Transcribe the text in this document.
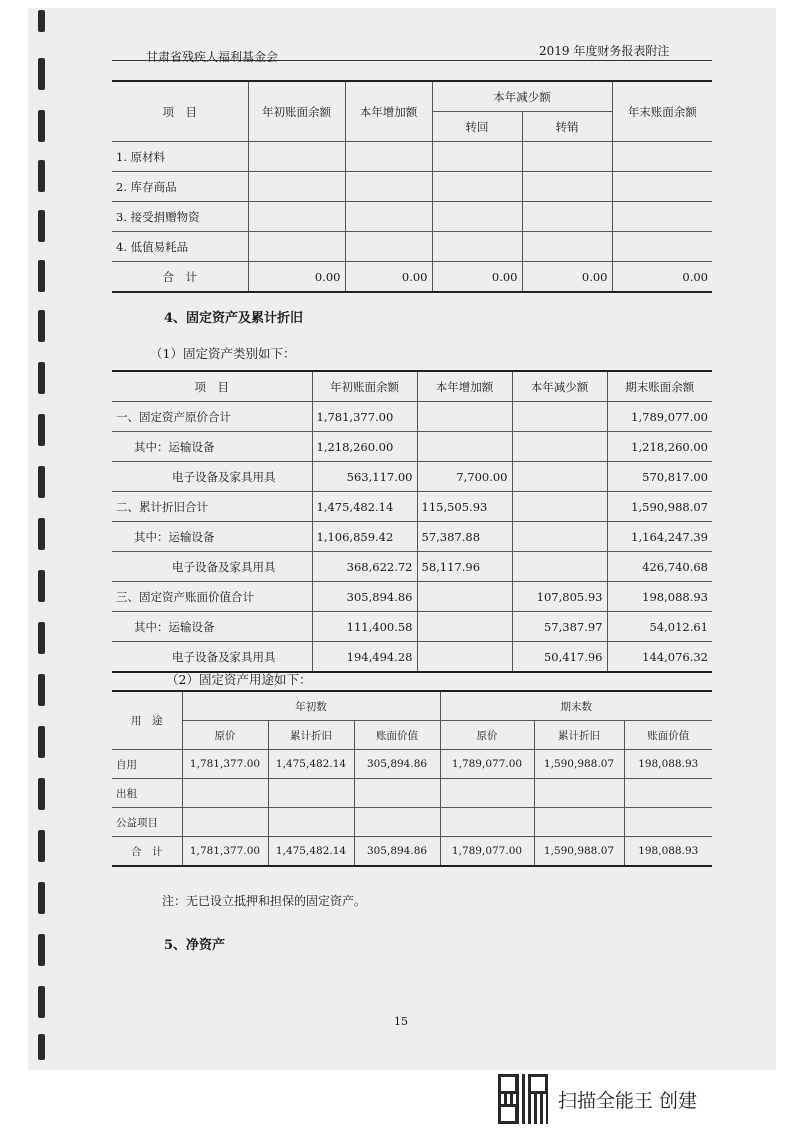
甘肃省残疾人福利基金会	2019 年度财务报表附注
项　目	年初账面余额	本年增加额	本年减少额		年末账面余额
			转回	转销	
1. 原材料					
2. 库存商品					
3. 接受捐赠物资					
4. 低值易耗品					
合　计	0.00	0.00	0.00	0.00	0.00
4、固定资产及累计折旧
（1）固定资产类别如下：
项　目	年初账面余额	本年增加额	本年减少额	期末账面余额
一、固定资产原价合计	1,781,377.00			1,789,077.00
其中：运输设备	1,218,260.00			1,218,260.00
电子设备及家具用具	563,117.00	7,700.00		570,817.00
二、累计折旧合计	1,475,482.14	115,505.93		1,590,988.07
其中：运输设备	1,106,859.42	57,387.88		1,164,247.39
电子设备及家具用具	368,622.72	58,117.96		426,740.68
三、固定资产账面价值合计	305,894.86		107,805.93	198,088.93
其中：运输设备	111,400.58		57,387.97	54,012.61
电子设备及家具用具	194,494.28		50,417.96	144,076.32
（2）固定资产用途如下：
用　途	年初数			期末数		
	原价	累计折旧	账面价值	原价	累计折旧	账面价值
自用	1,781,377.00	1,475,482.14	305,894.86	1,789,077.00	1,590,988.07	198,088.93
出租						
公益项目						
合　计	1,781,377.00	1,475,482.14	305,894.86	1,789,077.00	1,590,988.07	198,088.93
注：无已设立抵押和担保的固定资产。
5、净资产
15
扫描全能王 创建
